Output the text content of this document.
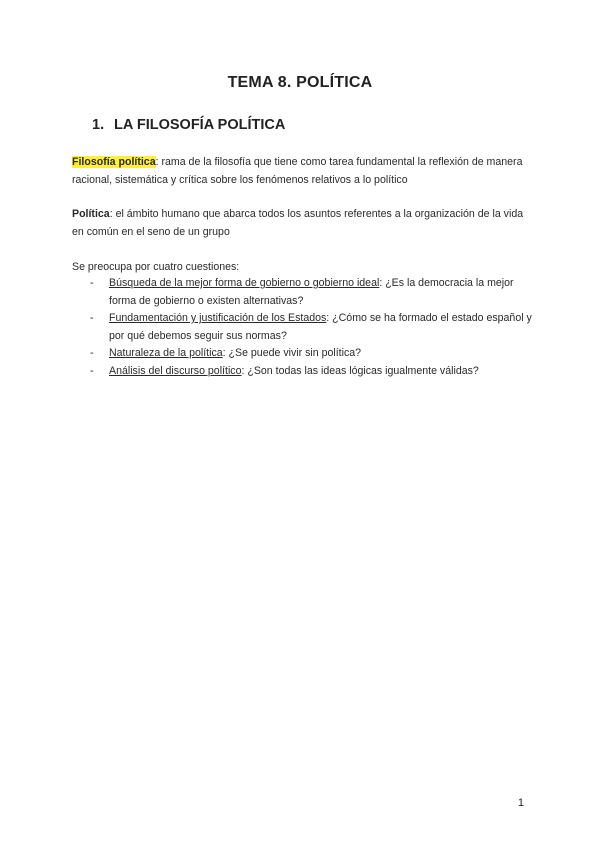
TEMA 8. POLÍTICA
1. LA FILOSOFÍA POLÍTICA
Filosofía política: rama de la filosofía que tiene como tarea fundamental la reflexión de manera racional, sistemática y crítica sobre los fenómenos relativos a lo político
Política: el ámbito humano que abarca todos los asuntos referentes a la organización de la vida en común en el seno de un grupo
Se preocupa por cuatro cuestiones:
- Búsqueda de la mejor forma de gobierno o gobierno ideal: ¿Es la democracia la mejor forma de gobierno o existen alternativas?
- Fundamentación y justificación de los Estados: ¿Cómo se ha formado el estado español y por qué debemos seguir sus normas?
- Naturaleza de la política: ¿Se puede vivir sin política?
- Análisis del discurso político: ¿Son todas las ideas lógicas igualmente válidas?
1
